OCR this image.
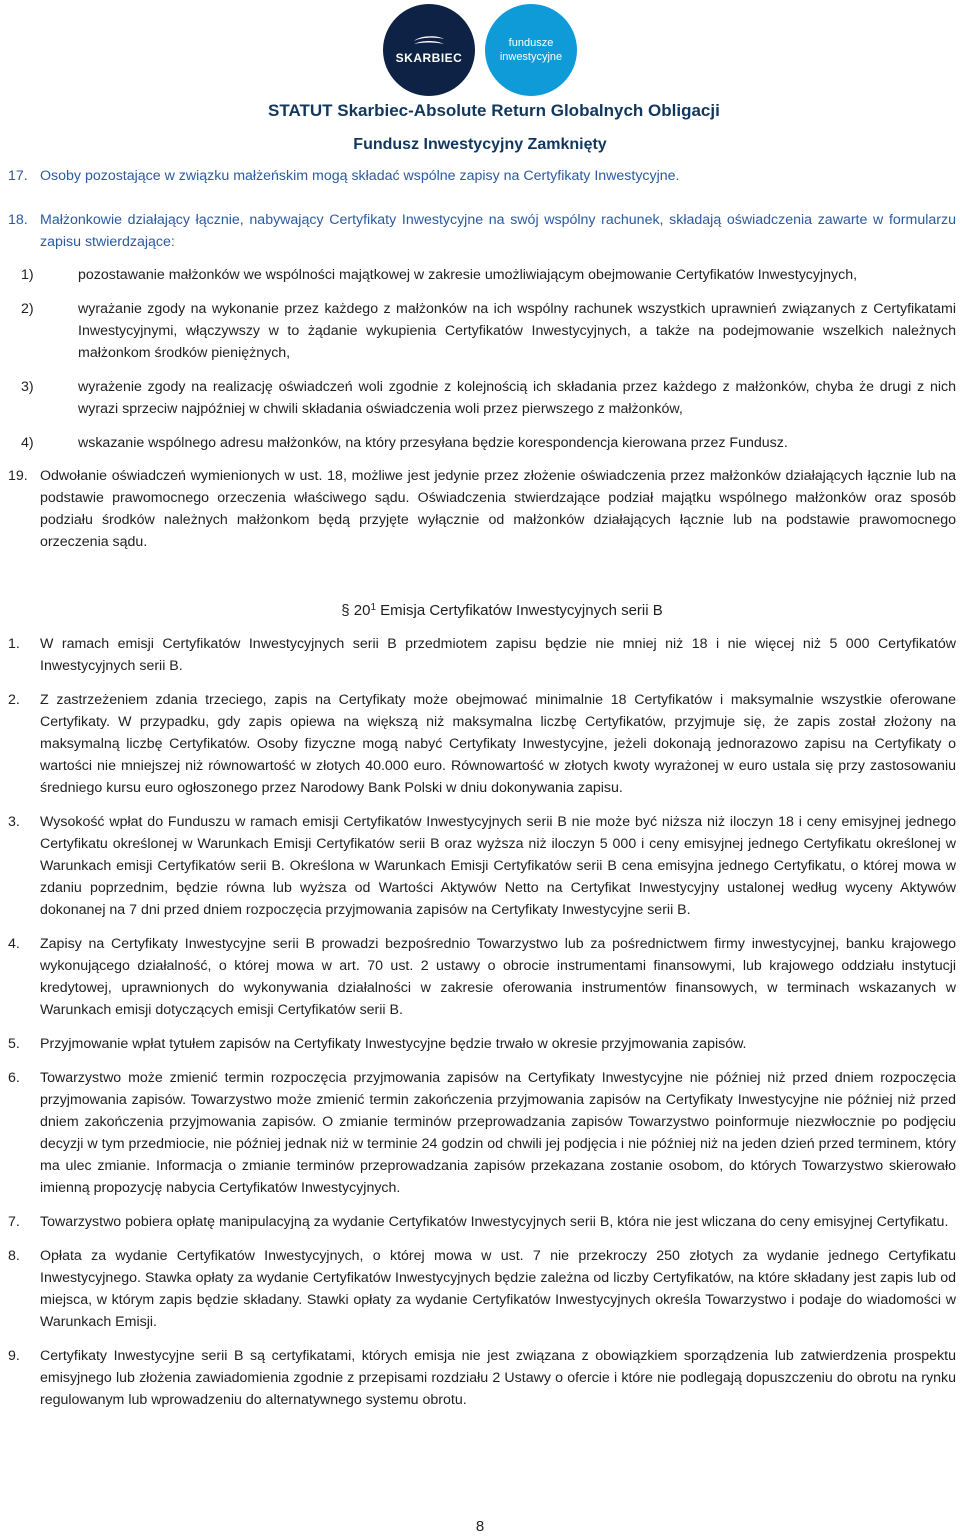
SKARBIEC
fundusze
inwestycyjne
STATUT Skarbiec-Absolute Return Globalnych Obligacji
Fundusz Inwestycyjny Zamknięty
17. Osoby pozostające w związku małżeńskim mogą składać wspólne zapisy na Certyfikaty Inwestycyjne.
18. Małżonkowie działający łącznie, nabywający Certyfikaty Inwestycyjne na swój wspólny rachunek, składają oświadczenia zawarte w formularzu zapisu stwierdzające:
1)	pozostawanie małżonków we wspólności majątkowej w zakresie umożliwiającym obejmowanie Certyfikatów Inwestycyjnych,
2)	wyrażanie zgody na wykonanie przez każdego z małżonków na ich wspólny rachunek wszystkich uprawnień związanych z Certyfikatami Inwestycyjnymi, włączywszy w to żądanie wykupienia Certyfikatów Inwestycyjnych, a także na podejmowanie wszelkich należnych małżonkom środków pieniężnych,
3)	wyrażenie zgody na realizację oświadczeń woli zgodnie z kolejnością ich składania przez każdego z małżonków, chyba że drugi z nich wyrazi sprzeciw najpóźniej w chwili składania oświadczenia woli przez pierwszego z małżonków,
4)	wskazanie wspólnego adresu małżonków, na który przesyłana będzie korespondencja kierowana przez Fundusz.
19. Odwołanie oświadczeń wymienionych w ust. 18, możliwe jest jedynie przez złożenie oświadczenia przez małżonków działających łącznie lub na podstawie prawomocnego orzeczenia właściwego sądu. Oświadczenia stwierdzające podział majątku wspólnego małżonków oraz sposób podziału środków należnych małżonkom będą przyjęte wyłącznie od małżonków działających łącznie lub na podstawie prawomocnego orzeczenia sądu.
§ $20^1$ Emisja Certyfikatów Inwestycyjnych serii B
1. W ramach emisji Certyfikatów Inwestycyjnych serii B przedmiotem zapisu będzie nie mniej niż 18 i nie więcej niż 5 000 Certyfikatów Inwestycyjnych serii B.
2. Z zastrzeżeniem zdania trzeciego, zapis na Certyfikaty może obejmować minimalnie 18 Certyfikatów i maksymalnie wszystkie oferowane Certyfikaty. W przypadku, gdy zapis opiewa na większą niż maksymalna liczbę Certyfikatów, przyjmuje się, że zapis został złożony na maksymalną liczbę Certyfikatów. Osoby fizyczne mogą nabyć Certyfikaty Inwestycyjne, jeżeli dokonają jednorazowo zapisu na Certyfikaty o wartości nie mniejszej niż równowartość w złotych 40.000 euro. Równowartość w złotych kwoty wyrażonej w euro ustala się przy zastosowaniu średniego kursu euro ogłoszonego przez Narodowy Bank Polski w dniu dokonywania zapisu.
3. Wysokość wpłat do Funduszu w ramach emisji Certyfikatów Inwestycyjnych serii B nie może być niższa niż iloczyn 18 i ceny emisyjnej jednego Certyfikatu określonej w Warunkach Emisji Certyfikatów serii B oraz wyższa niż iloczyn 5 000 i ceny emisyjnej jednego Certyfikatu określonej w Warunkach emisji Certyfikatów serii B. Określona w Warunkach Emisji Certyfikatów serii B cena emisyjna jednego Certyfikatu, o której mowa w zdaniu poprzednim, będzie równa lub wyższa od Wartości Aktywów Netto na Certyfikat Inwestycyjny ustalonej według wyceny Aktywów dokonanej na 7 dni przed dniem rozpoczęcia przyjmowania zapisów na Certyfikaty Inwestycyjne serii B.
4. Zapisy na Certyfikaty Inwestycyjne serii B prowadzi bezpośrednio Towarzystwo lub za pośrednictwem firmy inwestycyjnej, banku krajowego wykonującego działalność, o której mowa w art. 70 ust. 2 ustawy o obrocie instrumentami finansowymi, lub krajowego oddziału instytucji kredytowej, uprawnionych do wykonywania działalności w zakresie oferowania instrumentów finansowych, w terminach wskazanych w Warunkach emisji dotyczących emisji Certyfikatów serii B.
5. Przyjmowanie wpłat tytułem zapisów na Certyfikaty Inwestycyjne będzie trwało w okresie przyjmowania zapisów.
6. Towarzystwo może zmienić termin rozpoczęcia przyjmowania zapisów na Certyfikaty Inwestycyjne nie później niż przed dniem rozpoczęcia przyjmowania zapisów. Towarzystwo może zmienić termin zakończenia przyjmowania zapisów na Certyfikaty Inwestycyjne nie później niż przed dniem zakończenia przyjmowania zapisów. O zmianie terminów przeprowadzania zapisów Towarzystwo poinformuje niezwłocznie po podjęciu decyzji w tym przedmiocie, nie później jednak niż w terminie 24 godzin od chwili jej podjęcia i nie później niż na jeden dzień przed terminem, który ma ulec zmianie. Informacja o zmianie terminów przeprowadzania zapisów przekazana zostanie osobom, do których Towarzystwo skierowało imienną propozycję nabycia Certyfikatów Inwestycyjnych.
7. Towarzystwo pobiera opłatę manipulacyjną za wydanie Certyfikatów Inwestycyjnych serii B, która nie jest wliczana do ceny emisyjnej Certyfikatu.
8. Opłata za wydanie Certyfikatów Inwestycyjnych, o której mowa w ust. 7 nie przekroczy 250 złotych za wydanie jednego Certyfikatu Inwestycyjnego. Stawka opłaty za wydanie Certyfikatów Inwestycyjnych będzie zależna od liczby Certyfikatów, na które składany jest zapis lub od miejsca, w którym zapis będzie składany. Stawki opłaty za wydanie Certyfikatów Inwestycyjnych określa Towarzystwo i podaje do wiadomości w Warunkach Emisji.
9. Certyfikaty Inwestycyjne serii B są certyfikatami, których emisja nie jest związana z obowiązkiem sporządzenia lub zatwierdzenia prospektu emisyjnego lub złożenia zawiadomienia zgodnie z przepisami rozdziału 2 Ustawy o ofercie i które nie podlegają dopuszczeniu do obrotu na rynku regulowanym lub wprowadzeniu do alternatywnego systemu obrotu.
8
